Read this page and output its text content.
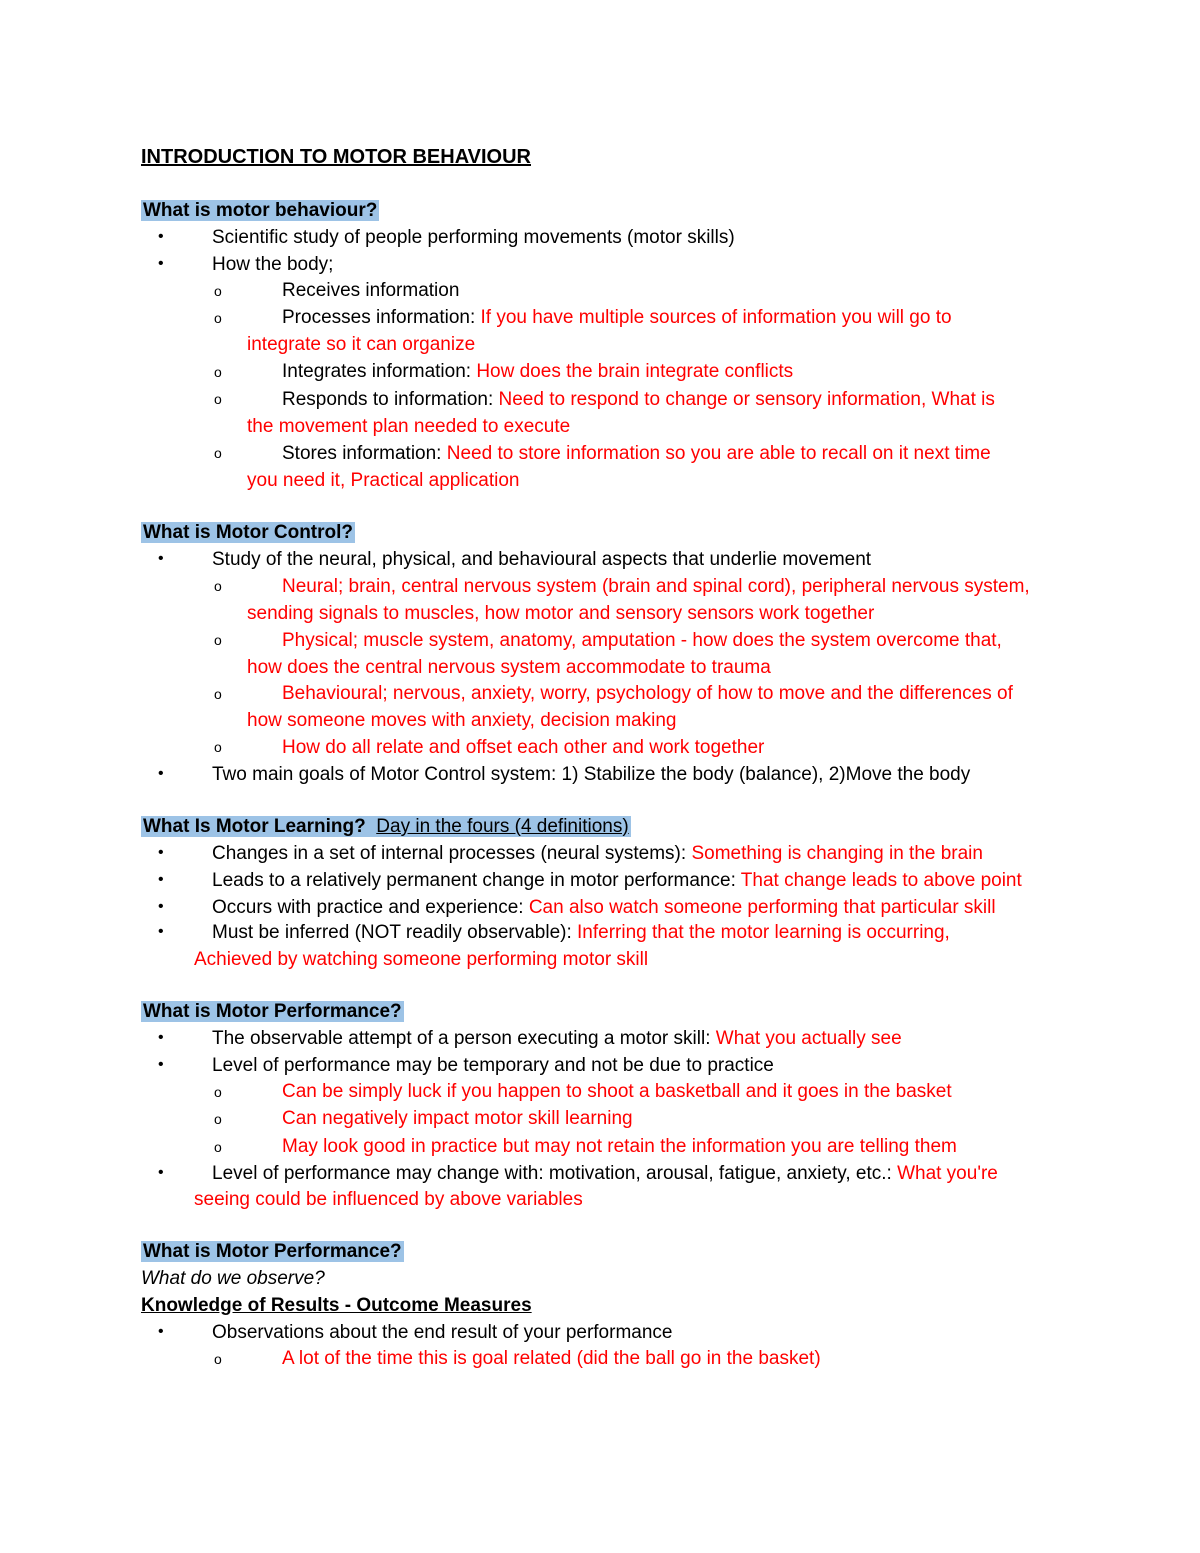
INTRODUCTION TO MOTOR BEHAVIOUR
What is motor behaviour?
•	Scientific study of people performing movements (motor skills)
•	How the body;
o	Receives information
o	Processes information: If you have multiple sources of information you will go to
integrate so it can organize
o	Integrates information: How does the brain integrate conflicts
o	Responds to information: Need to respond to change or sensory information, What is
the movement plan needed to execute
o	Stores information: Need to store information so you are able to recall on it next time
you need it, Practical application
What is Motor Control?
•	Study of the neural, physical, and behavioural aspects that underlie movement
o	Neural; brain, central nervous system (brain and spinal cord), peripheral nervous system,
sending signals to muscles, how motor and sensory sensors work together
o	Physical; muscle system, anatomy, amputation - how does the system overcome that,
how does the central nervous system accommodate to trauma
o	Behavioural; nervous, anxiety, worry, psychology of how to move and the differences of
how someone moves with anxiety, decision making
o	How do all relate and offset each other and work together
•	Two main goals of Motor Control system: 1) Stabilize the body (balance), 2)Move the body
What Is Motor Learning? Day in the fours (4 definitions)
•	Changes in a set of internal processes (neural systems): Something is changing in the brain
•	Leads to a relatively permanent change in motor performance: That change leads to above point
•	Occurs with practice and experience: Can also watch someone performing that particular skill
•	Must be inferred (NOT readily observable): Inferring that the motor learning is occurring,
Achieved by watching someone performing motor skill
What is Motor Performance?
•	The observable attempt of a person executing a motor skill: What you actually see
•	Level of performance may be temporary and not be due to practice
o	Can be simply luck if you happen to shoot a basketball and it goes in the basket
o	Can negatively impact motor skill learning
o	May look good in practice but may not retain the information you are telling them
•	Level of performance may change with: motivation, arousal, fatigue, anxiety, etc.: What you're
seeing could be influenced by above variables
What is Motor Performance?
What do we observe?
Knowledge of Results - Outcome Measures
•	Observations about the end result of your performance
o	A lot of the time this is goal related (did the ball go in the basket)
